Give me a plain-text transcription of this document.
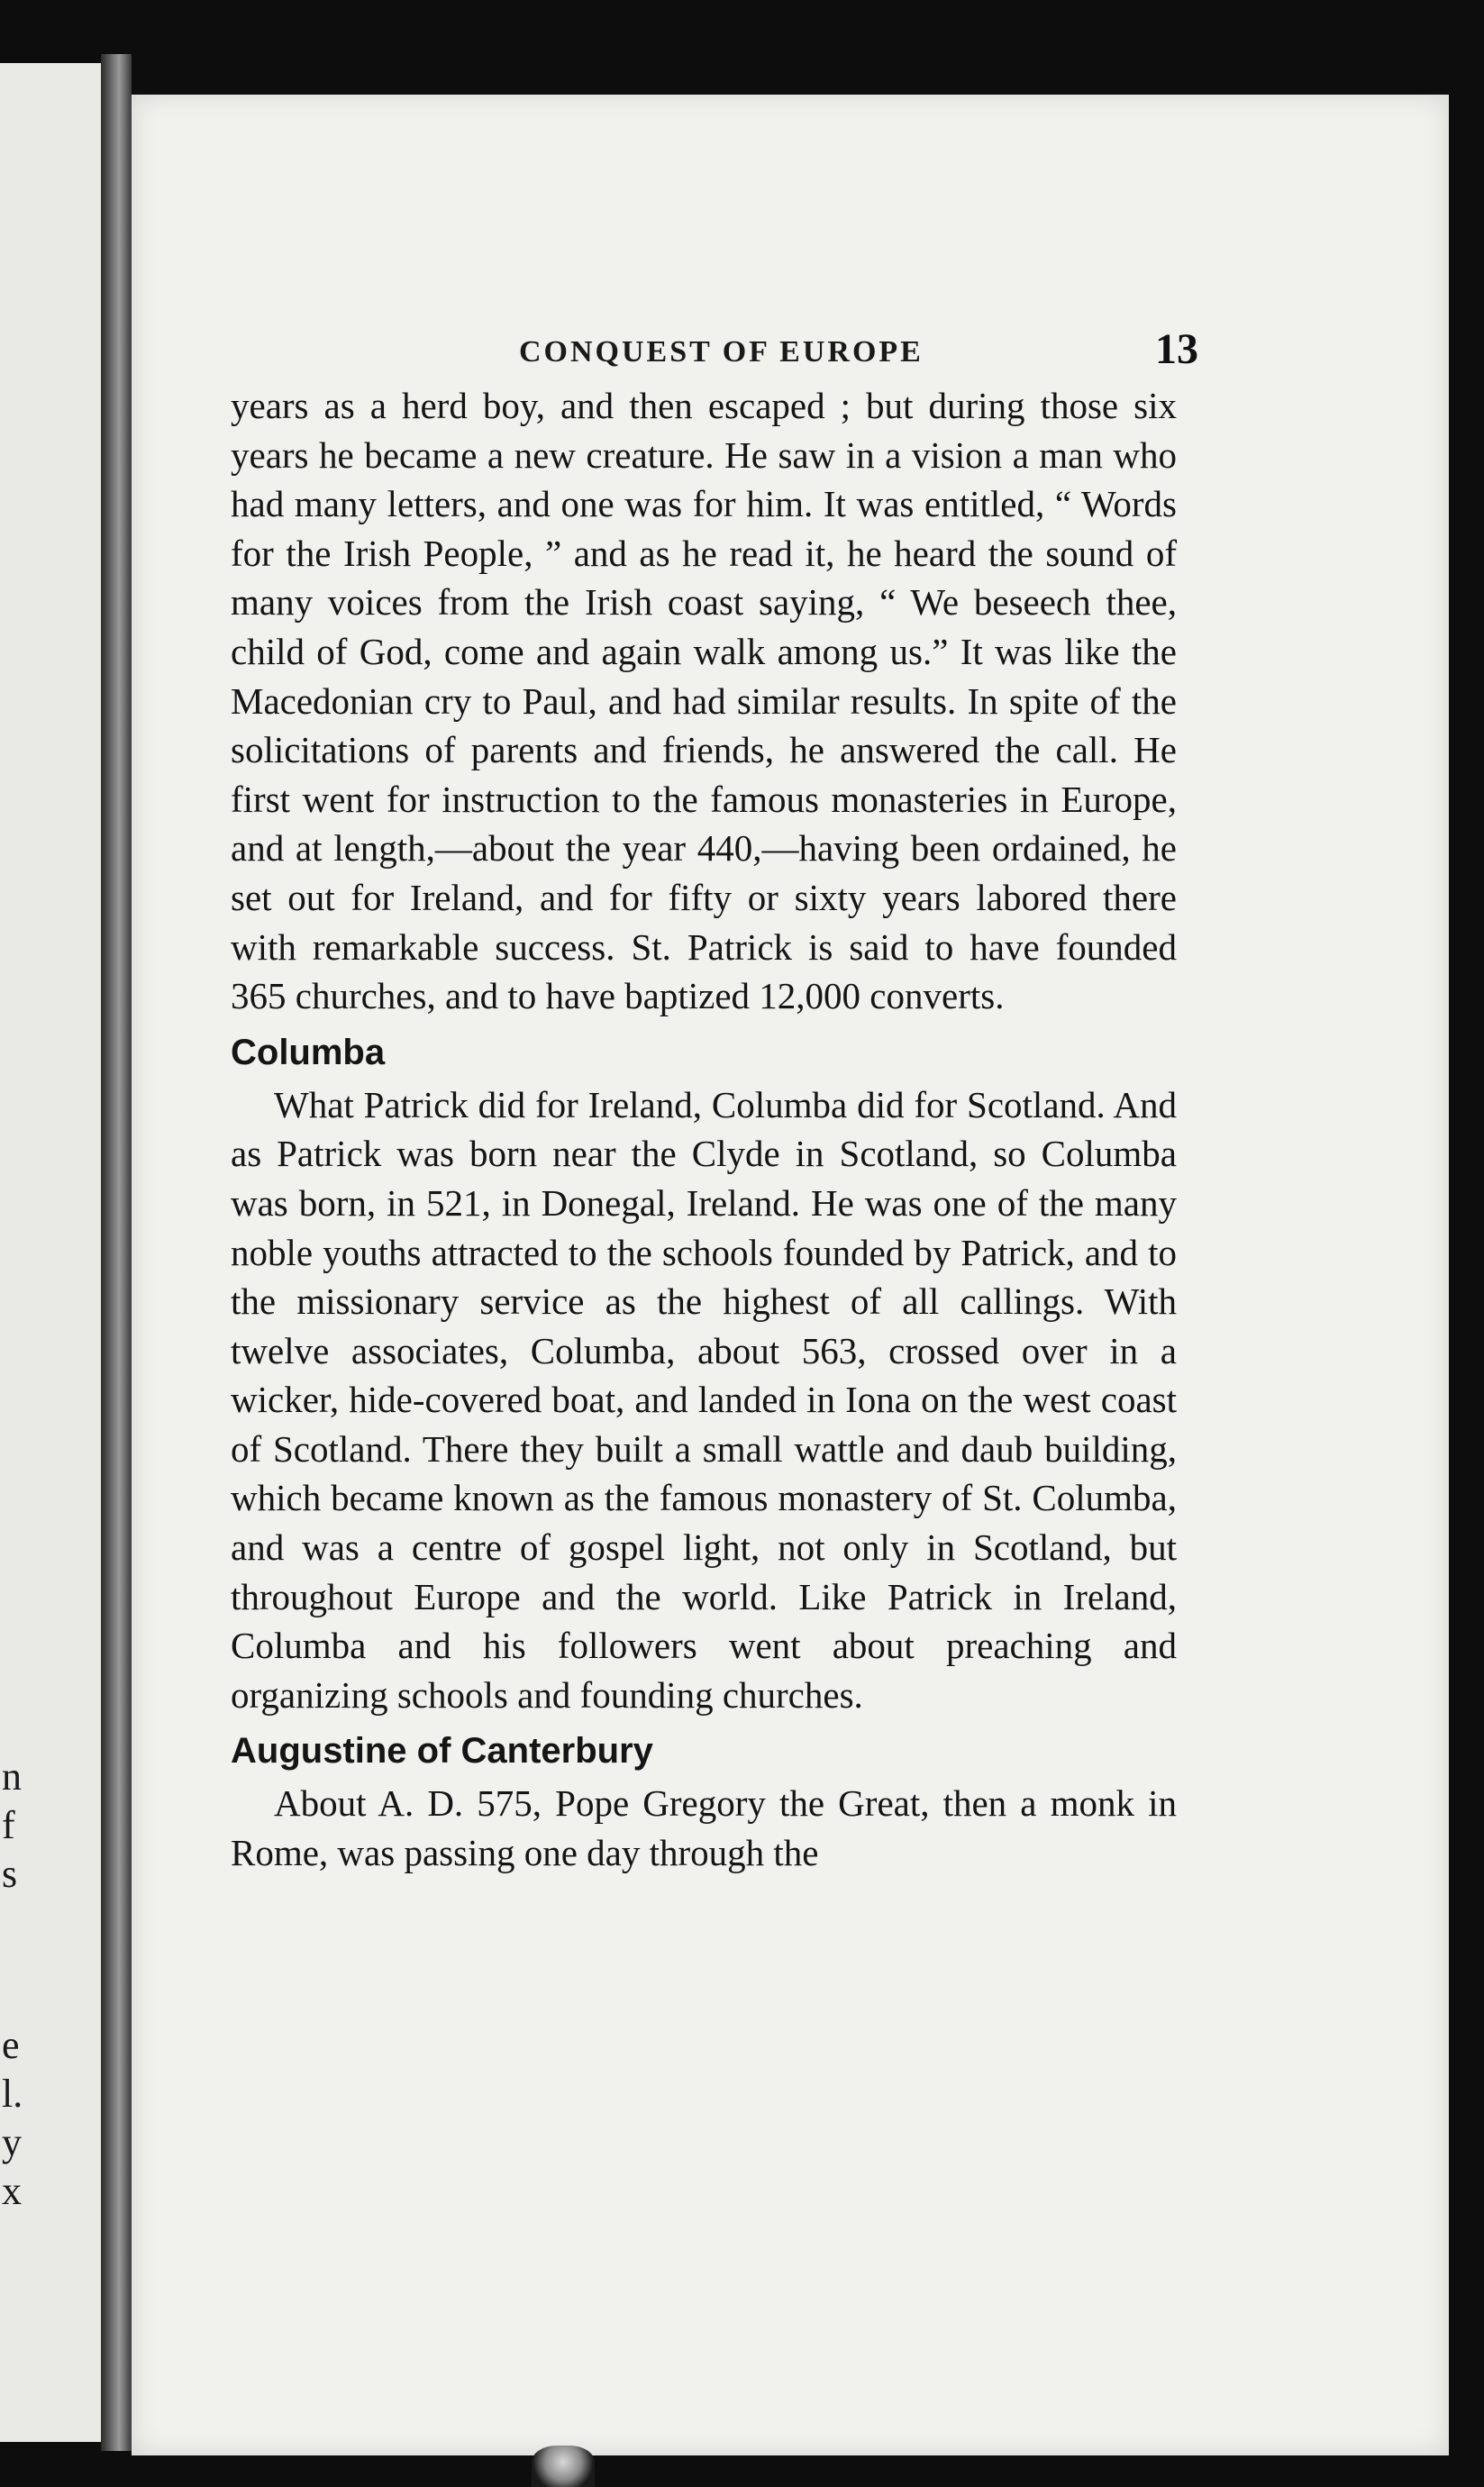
n
f
s
e
l.
y
x
CONQUEST OF EUROPE	13

years as a herd boy, and then escaped ; but during those six years he became a new creature. He saw in a vision a man who had many letters, and one was for him. It was entitled, “ Words for the Irish People, ” and as he read it, he heard the sound of many voices from the Irish coast saying, “ We beseech thee, child of God, come and again walk among us.” It was like the Macedonian cry to Paul, and had similar results. In spite of the solicitations of parents and friends, he answered the call. He first went for instruction to the famous monasteries in Europe, and at length,—about the year 440,—having been ordained, he set out for Ireland, and for fifty or sixty years labored there with remarkable success. St. Patrick is said to have founded 365 churches, and to have baptized 12,000 converts.

Columba

What Patrick did for Ireland, Columba did for Scotland. And as Patrick was born near the Clyde in Scotland, so Columba was born, in 521, in Donegal, Ireland. He was one of the many noble youths attracted to the schools founded by Patrick, and to the missionary service as the highest of all callings. With twelve associates, Columba, about 563, crossed over in a wicker, hide-covered boat, and landed in Iona on the west coast of Scotland. There they built a small wattle and daub building, which became known as the famous monastery of St. Columba, and was a centre of gospel light, not only in Scotland, but throughout Europe and the world. Like Patrick in Ireland, Columba and his followers went about preaching and organizing schools and founding churches.

Augustine of Canterbury

About A. D. 575, Pope Gregory the Great, then a monk in Rome, was passing one day through the
